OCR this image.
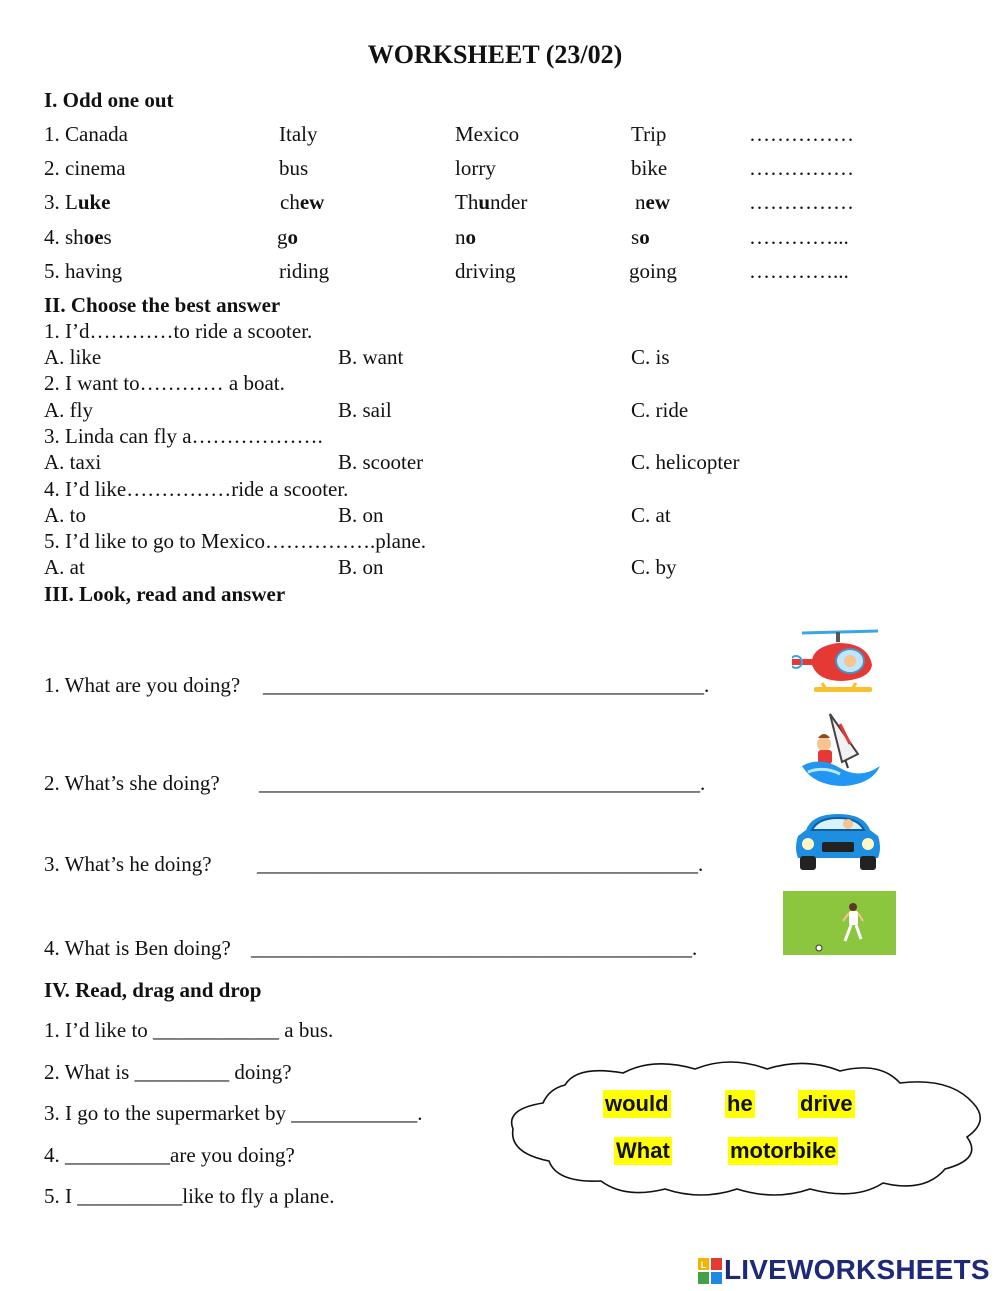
WORKSHEET (23/02)
I. Odd one out
1. Canada	Italy	Mexico	Trip	……………
2. cinema	bus	lorry	bike	……………
3. Luke	chew	Thunder	new	……………
4. shoes	go	no	so	…………...
5. having	riding	driving	going	…………...
II. Choose the best answer
1. I’d…………to ride a scooter.
A. like	B. want	C. is
2. I want to………… a boat.
A. fly	B. sail	C. ride
3. Linda can fly a……………….
A. taxi	B. scooter	C. helicopter
4. I’d like……………ride a scooter.
A. to	B. on	C. at
5. I’d like to go to Mexico…………….plane.
A. at	B. on	C. by
III. Look, read and answer
1. What are you doing? __________________________________________.
2. What’s she doing? __________________________________________.
3. What’s he doing? __________________________________________.
4. What is Ben doing? __________________________________________.
IV. Read, drag and drop
1. I’d like to ____________ a bus.
2. What is _________ doing?
3. I go to the supermarket by ____________.
4. __________are you doing?
5. I __________like to fly a plane.
would	he drive
What	motorbike
L LIVEWORKSHEETS
